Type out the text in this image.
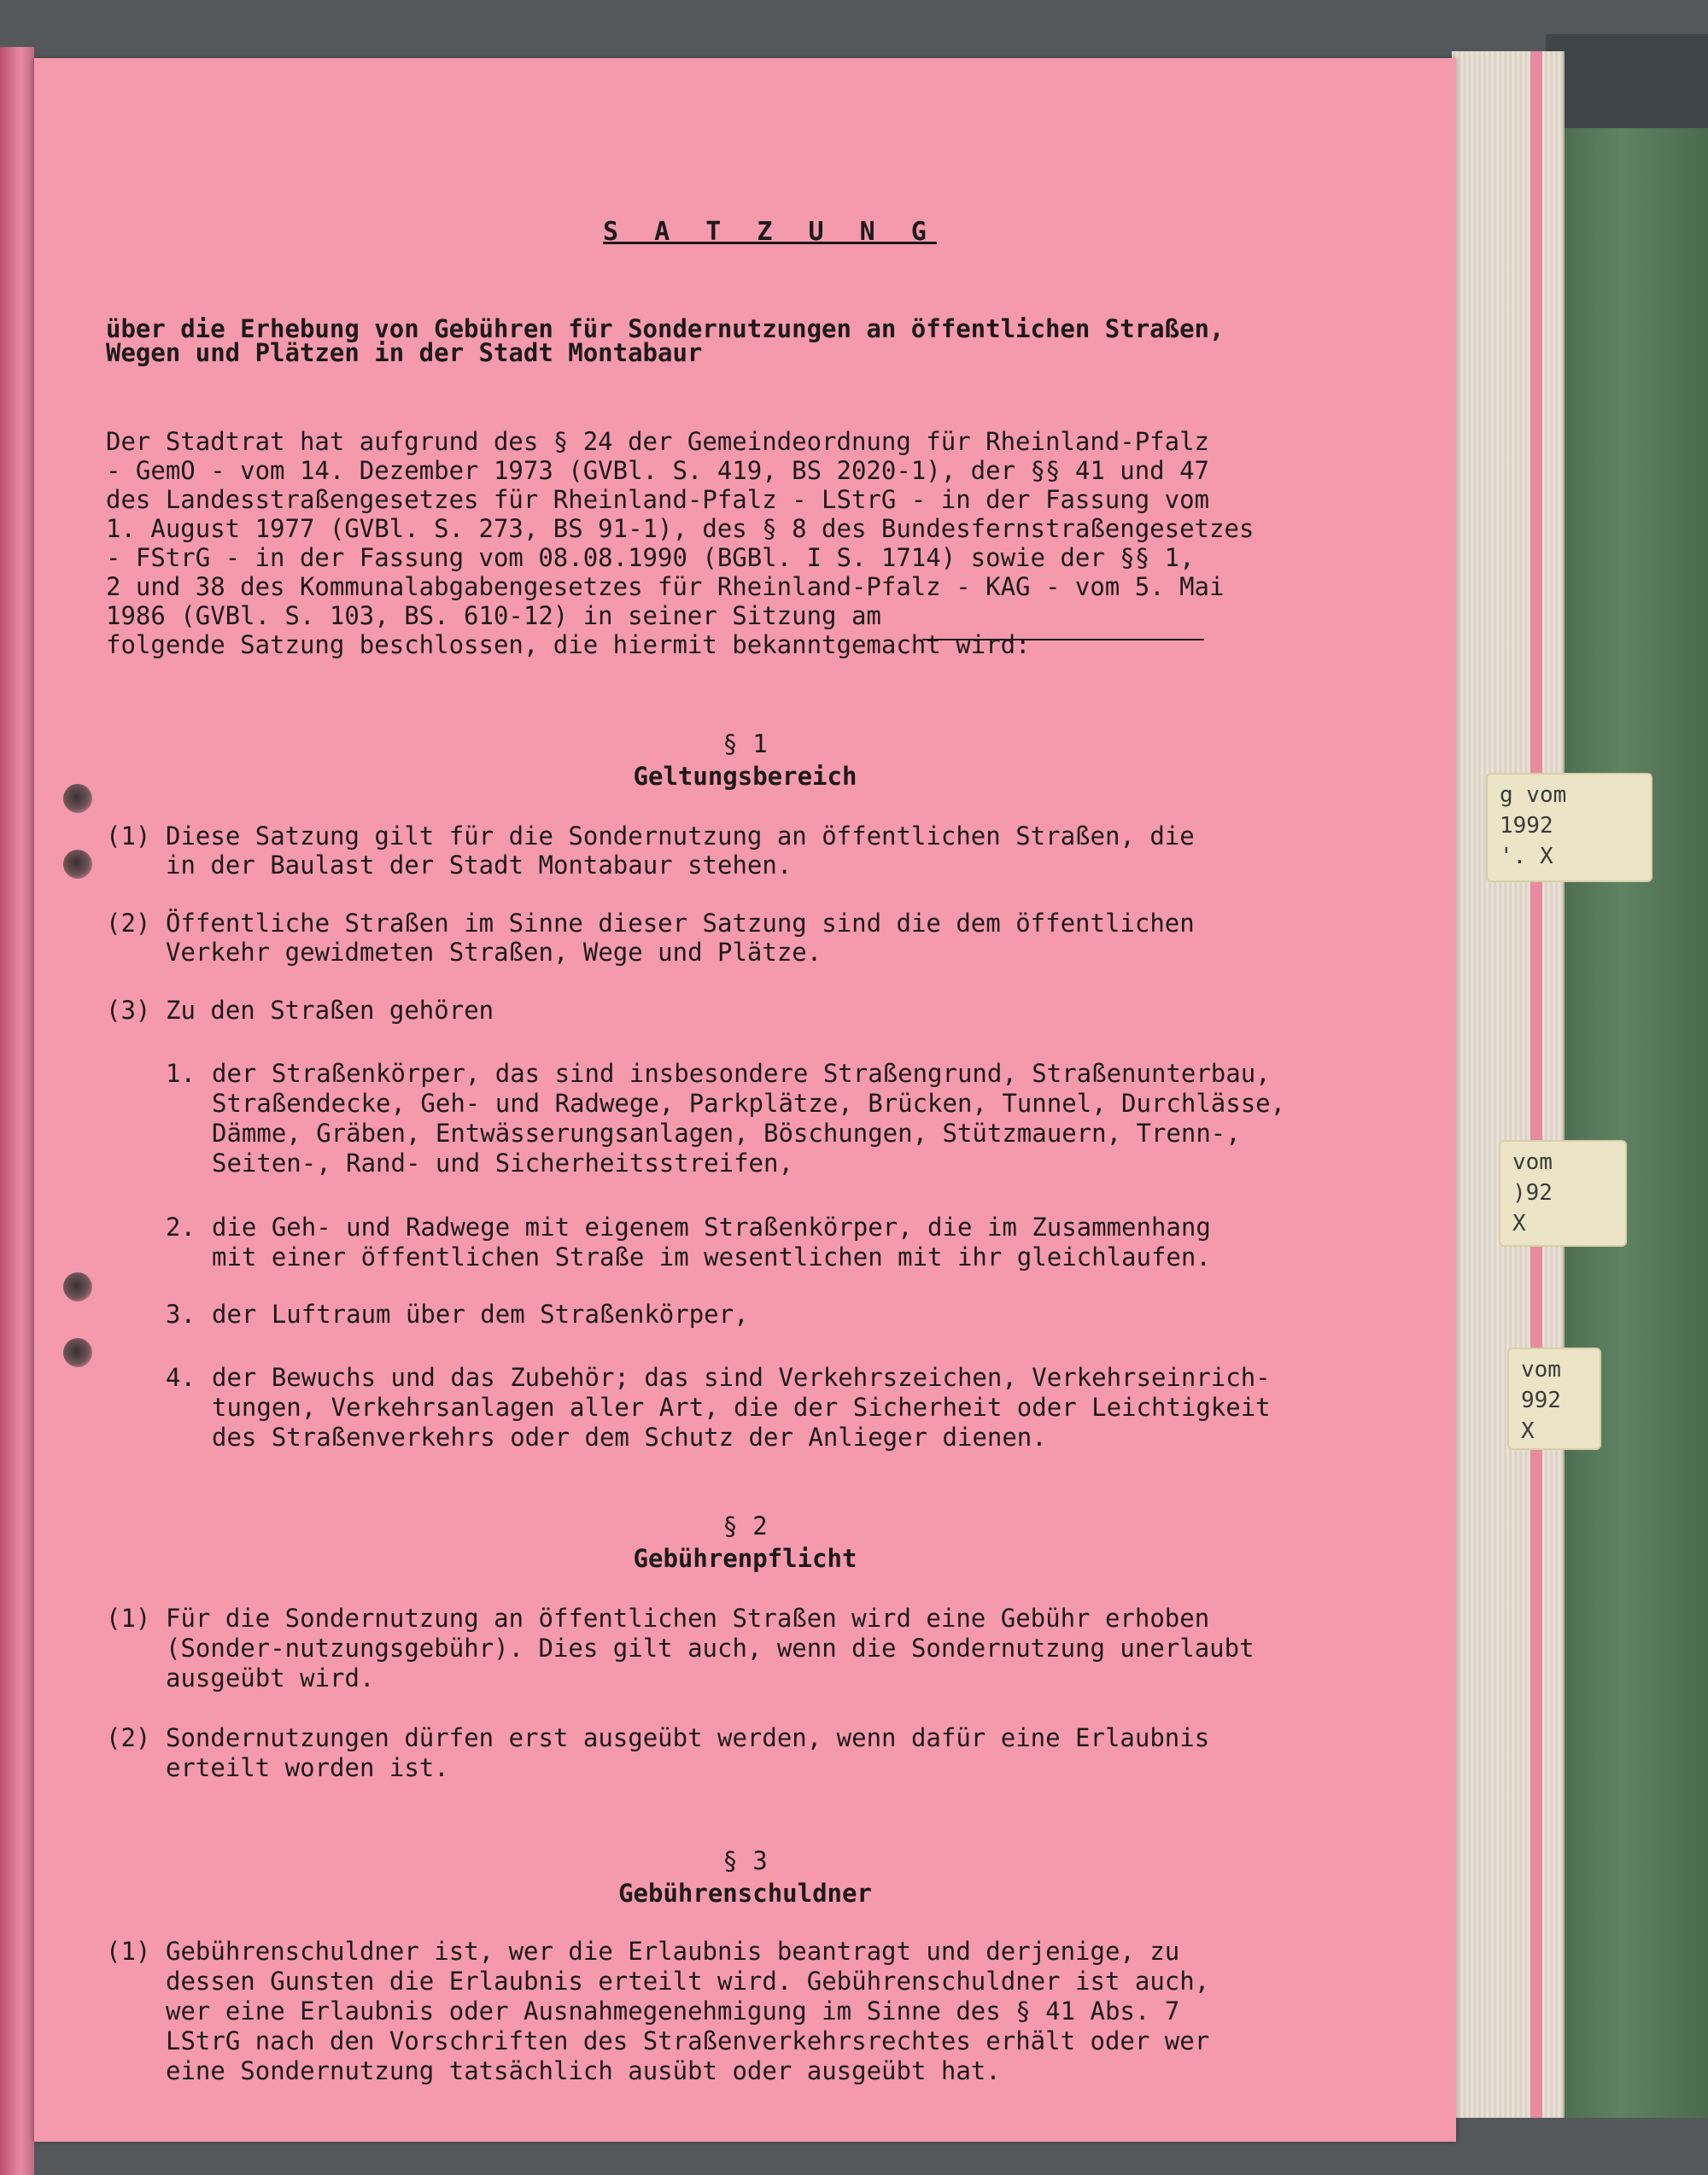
g vom
1992
'. X
vom
)92
X
vom
992
X
S A T Z U N G
über die Erhebung von Gebühren für Sondernutzungen an öffentlichen Straßen,
Wegen und Plätzen in der Stadt Montabaur
Der Stadtrat hat aufgrund des § 24 der Gemeindeordnung für Rheinland-Pfalz
- GemO - vom 14. Dezember 1973 (GVBl. S. 419, BS 2020-1), der §§ 41 und 47
des Landesstraßengesetzes für Rheinland-Pfalz - LStrG - in der Fassung vom
1. August 1977 (GVBl. S. 273, BS 91-1), des § 8 des Bundesfernstraßengesetzes
- FStrG - in der Fassung vom 08.08.1990 (BGBl. I S. 1714) sowie der §§ 1,
2 und 38 des Kommunalabgabengesetzes für Rheinland-Pfalz - KAG - vom 5. Mai
1986 (GVBl. S. 103, BS. 610-12) in seiner Sitzung am
folgende Satzung beschlossen, die hiermit bekanntgemacht wird:
§ 1
Geltungsbereich
(1) Diese Satzung gilt für die Sondernutzung an öffentlichen Straßen, die
in der Baulast der Stadt Montabaur stehen.
(2) Öffentliche Straßen im Sinne dieser Satzung sind die dem öffentlichen
Verkehr gewidmeten Straßen, Wege und Plätze.
(3) Zu den Straßen gehören
1. der Straßenkörper, das sind insbesondere Straßengrund, Straßenunterbau,
Straßendecke, Geh- und Radwege, Parkplätze, Brücken, Tunnel, Durchlässe,
Dämme, Gräben, Entwässerungsanlagen, Böschungen, Stützmauern, Trenn-,
Seiten-, Rand- und Sicherheitsstreifen,
2. die Geh- und Radwege mit eigenem Straßenkörper, die im Zusammenhang
mit einer öffentlichen Straße im wesentlichen mit ihr gleichlaufen.
3. der Luftraum über dem Straßenkörper,
4. der Bewuchs und das Zubehör; das sind Verkehrszeichen, Verkehrseinrich-
tungen, Verkehrsanlagen aller Art, die der Sicherheit oder Leichtigkeit
des Straßenverkehrs oder dem Schutz der Anlieger dienen.
§ 2
Gebührenpflicht
(1) Für die Sondernutzung an öffentlichen Straßen wird eine Gebühr erhoben
(Sonder-nutzungsgebühr). Dies gilt auch, wenn die Sondernutzung unerlaubt
ausgeübt wird.
(2) Sondernutzungen dürfen erst ausgeübt werden, wenn dafür eine Erlaubnis
erteilt worden ist.
§ 3
Gebührenschuldner
(1) Gebührenschuldner ist, wer die Erlaubnis beantragt und derjenige, zu
dessen Gunsten die Erlaubnis erteilt wird. Gebührenschuldner ist auch,
wer eine Erlaubnis oder Ausnahmegenehmigung im Sinne des § 41 Abs. 7
LStrG nach den Vorschriften des Straßenverkehrsrechtes erhält oder wer
eine Sondernutzung tatsächlich ausübt oder ausgeübt hat.
